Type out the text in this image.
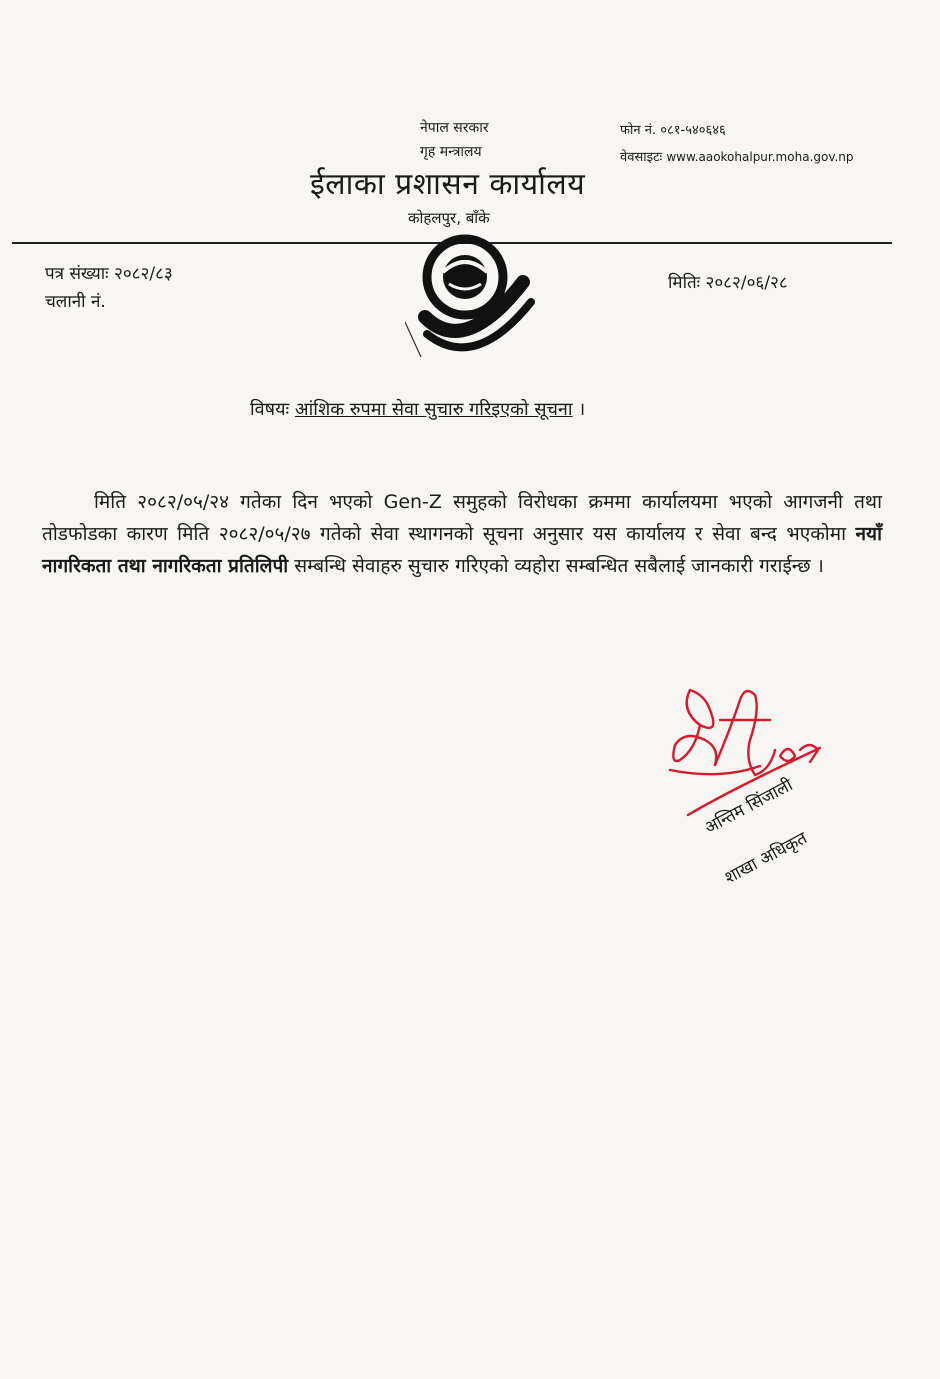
नेपाल सरकार
गृह मन्त्रालय
फोन नं. ०८१-५४०६४६
वेवसाइटः www.aaokohalpur.moha.gov.np
ईलाका प्रशासन कार्यालय
कोहलपुर, बाँके
पत्र संख्याः २०८२/८३
चलानी नं.
मितिः २०८२/०६/२८
विषयः आंशिक रुपमा सेवा सुचारु गरिइएको सूचना ।
मिति २०८२/०५/२४ गतेका दिन भएको Gen-Z समुहको विरोधका क्रममा कार्यालयमा भएको आगजनी तथा तोडफोडका कारण मिति २०८२/०५/२७ गतेको सेवा स्थागनको सूचना अनुसार यस कार्यालय र सेवा बन्द भएकोमा नयाँ नागरिकता तथा नागरिकता प्रतिलिपी सम्बन्धि सेवाहरु सुचारु गरिएको व्यहोरा सम्बन्धित सबैलाई जानकारी गराईन्छ ।
अन्तिम सिंजाली
शाखा अधिकृत
